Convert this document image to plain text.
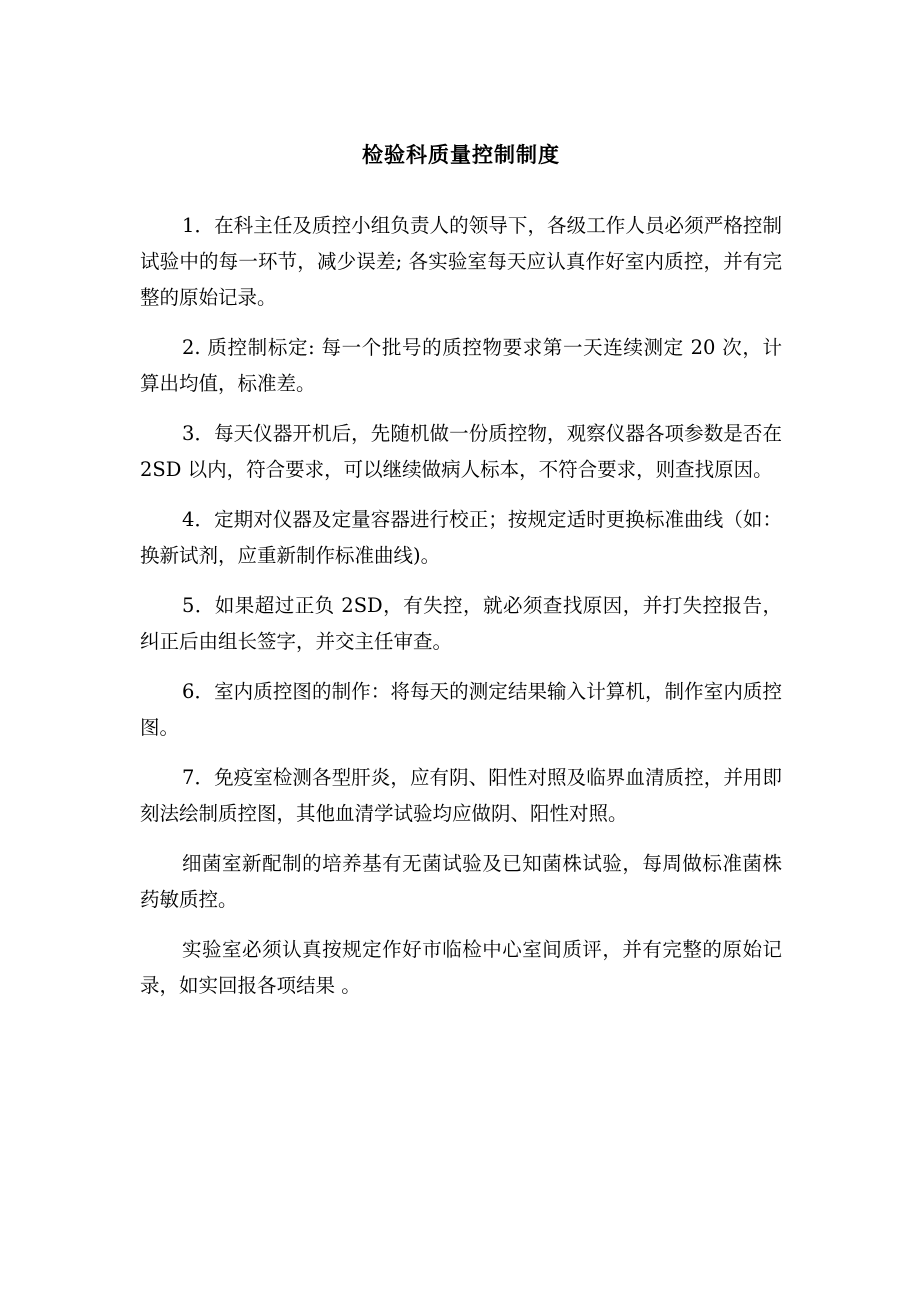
检验科质量控制制度

1．在科主任及质控小组负责人的领导下，各级工作人员必须严格控制试验中的每一环节，减少误差; 各实验室每天应认真作好室内质控，并有完整的原始记录。

2. 质控制标定: 每一个批号的质控物要求第一天连续测定 20 次，计算出均值，标准差。

3．每天仪器开机后，先随机做一份质控物，观察仪器各项参数是否在 2SD 以内，符合要求，可以继续做病人标本，不符合要求，则查找原因。

4．定期对仪器及定量容器进行校正；按规定适时更换标准曲线（如：换新试剂，应重新制作标准曲线)。

5．如果超过正负 2SD，有失控，就必须查找原因，并打失控报告，纠正后由组长签字，并交主任审查。

6．室内质控图的制作：将每天的测定结果输入计算机，制作室内质控图。

7．免疫室检测各型肝炎，应有阴、阳性对照及临界血清质控，并用即刻法绘制质控图，其他血清学试验均应做阴、阳性对照。

细菌室新配制的培养基有无菌试验及已知菌株试验，每周做标准菌株药敏质控。

实验室必须认真按规定作好市临检中心室间质评，并有完整的原始记录，如实回报各项结果 。
